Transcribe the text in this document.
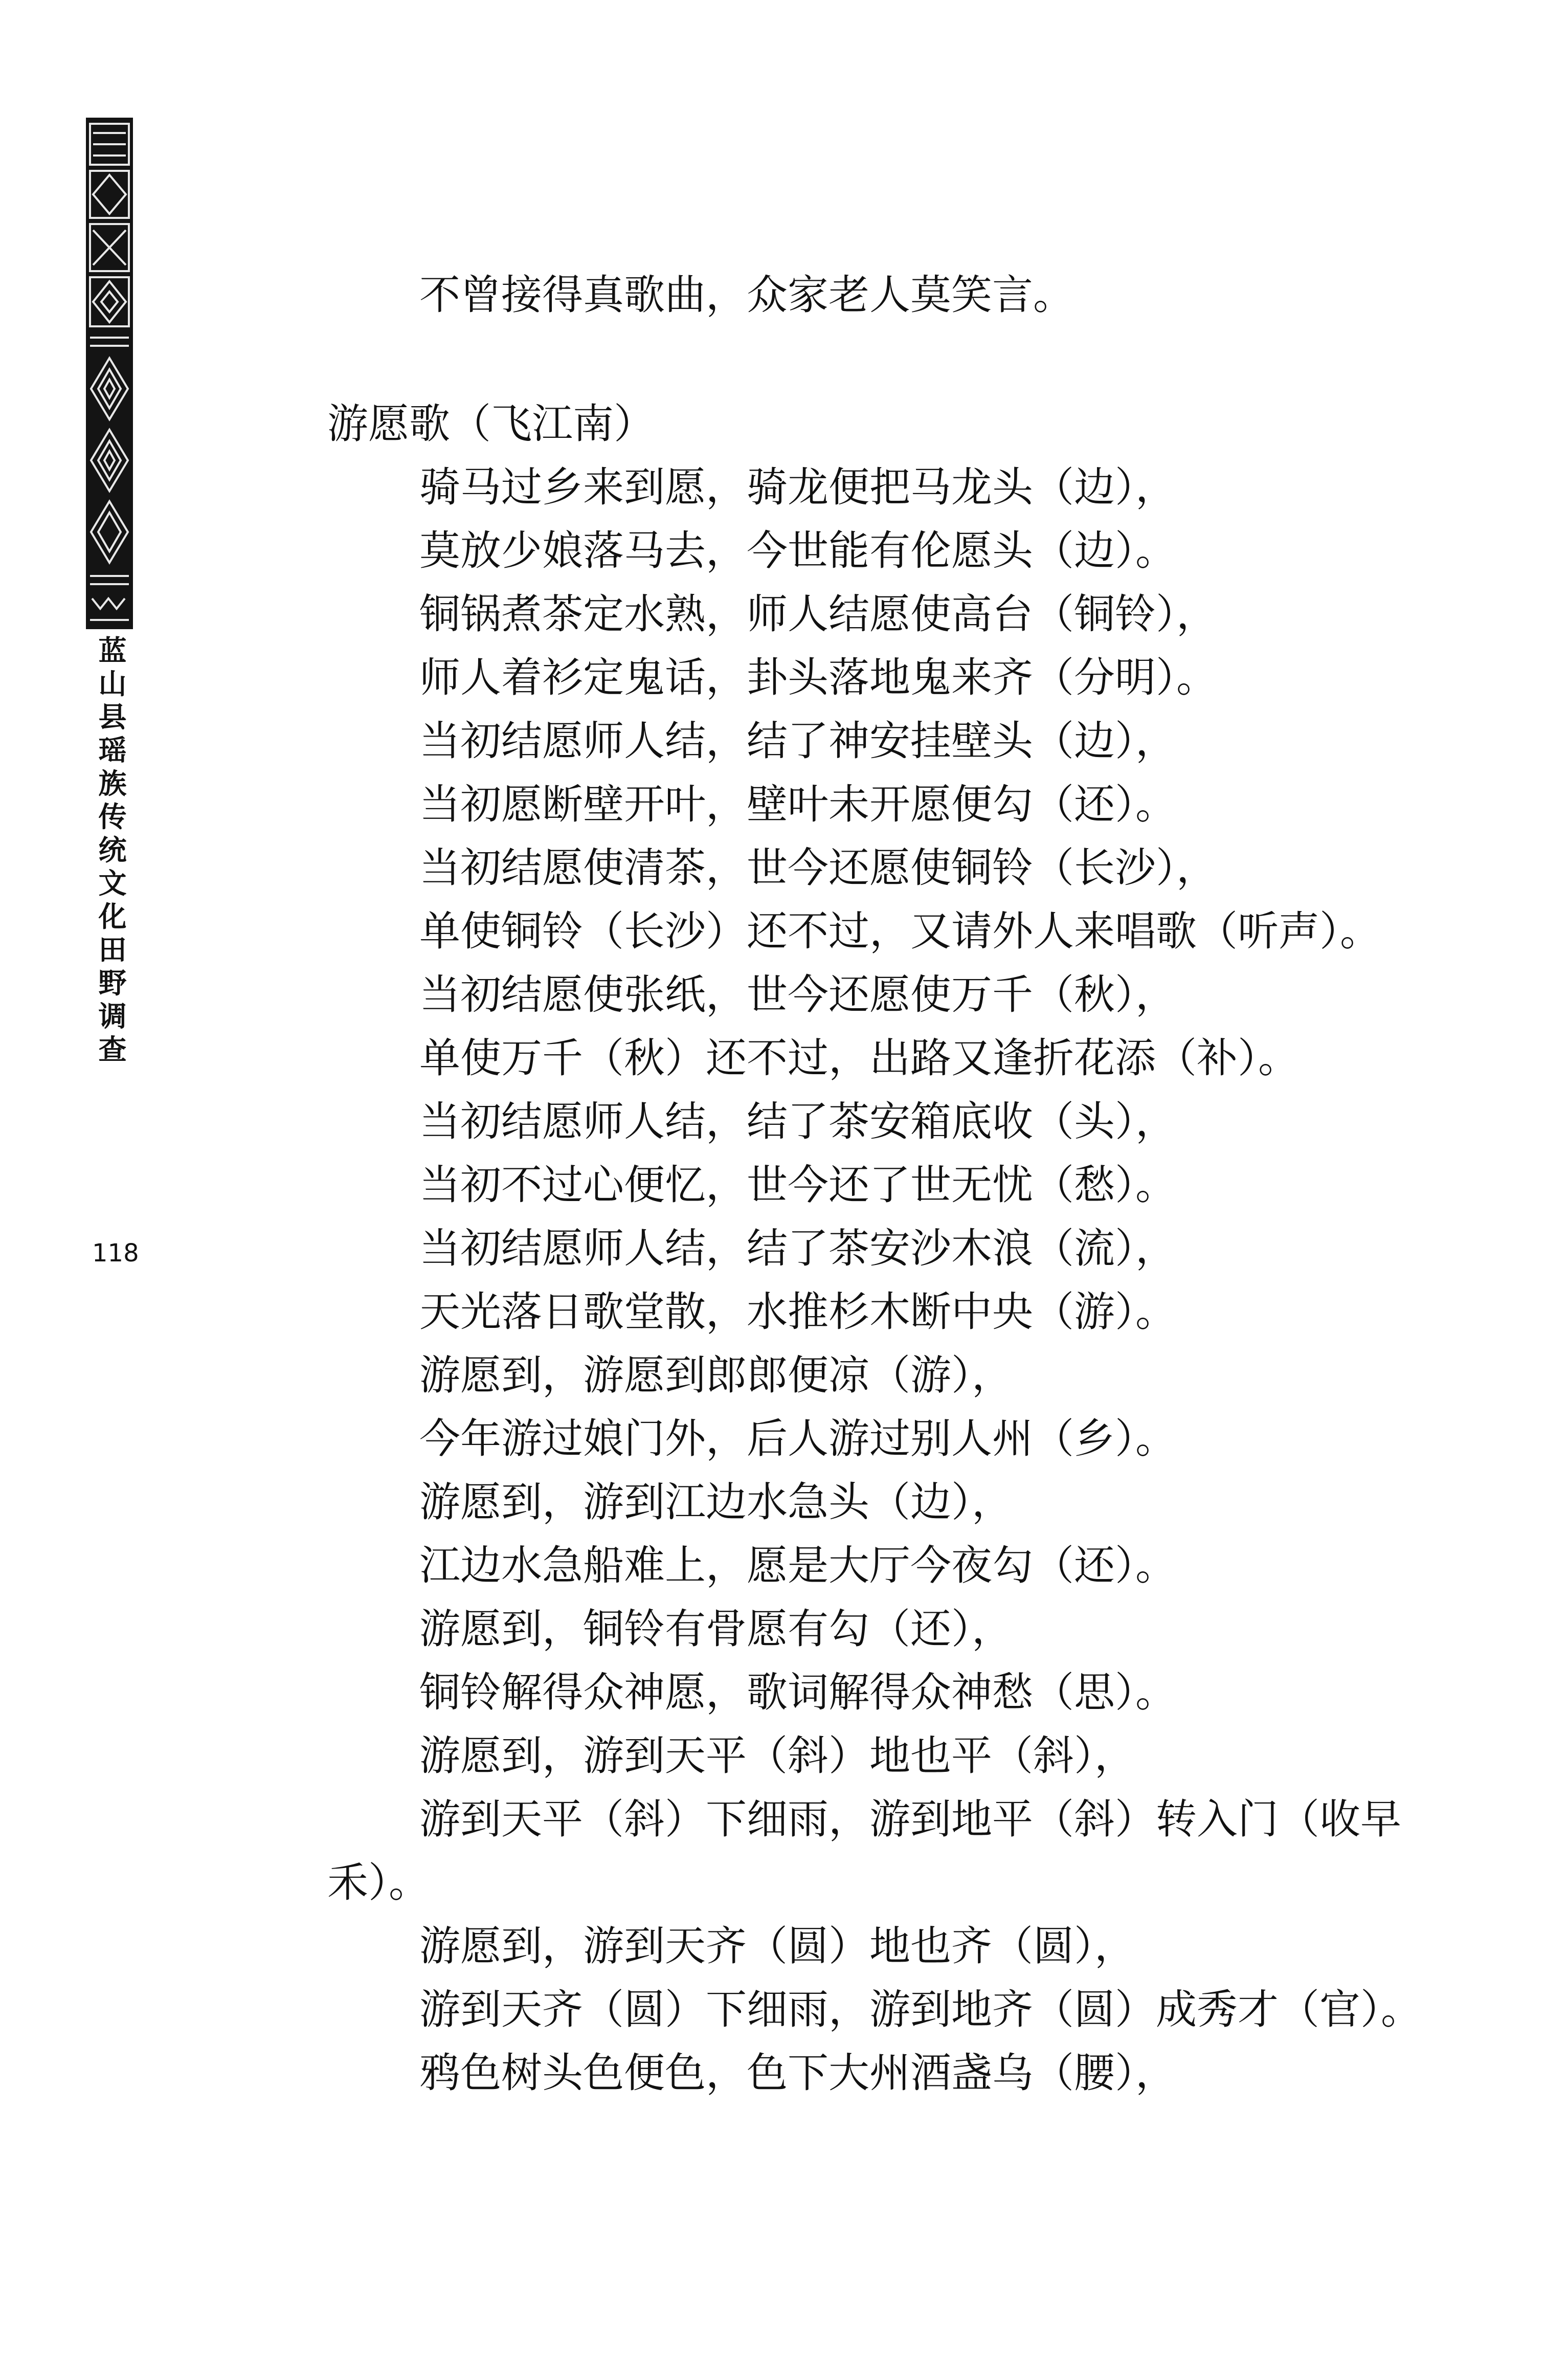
蓝山县瑶族传统文化田野调查
118
不曾接得真歌曲，众家老人莫笑言。
游愿歌（飞江南）
骑马过乡来到愿，骑龙便把马龙头（边），
莫放少娘落马去，今世能有伦愿头（边）。
铜锅煮茶定水熟，师人结愿使高台（铜铃），
师人着衫定鬼话，卦头落地鬼来齐（分明）。
当初结愿师人结，结了神安挂壁头（边），
当初愿断壁开叶，壁叶未开愿便勾（还）。
当初结愿使清茶，世今还愿使铜铃（长沙），
单使铜铃（长沙）还不过，又请外人来唱歌（听声）。
当初结愿使张纸，世今还愿使万千（秋），
单使万千（秋）还不过，出路又逢折花添（补）。
当初结愿师人结，结了茶安箱底收（头），
当初不过心便忆，世今还了世无忧（愁）。
当初结愿师人结，结了茶安沙木浪（流），
天光落日歌堂散，水推杉木断中央（游）。
游愿到，游愿到郎郎便凉（游），
今年游过娘门外，后人游过别人州（乡）。
游愿到，游到江边水急头（边），
江边水急船难上，愿是大厅今夜勾（还）。
游愿到，铜铃有骨愿有勾（还），
铜铃解得众神愿，歌词解得众神愁（思）。
游愿到，游到天平（斜）地也平（斜），
游到天平（斜）下细雨，游到地平（斜）转入门（收早禾）。
游愿到，游到天齐（圆）地也齐（圆），
游到天齐（圆）下细雨，游到地齐（圆）成秀才（官）。
鸦色树头色便色，色下大州酒盏乌（腰），
